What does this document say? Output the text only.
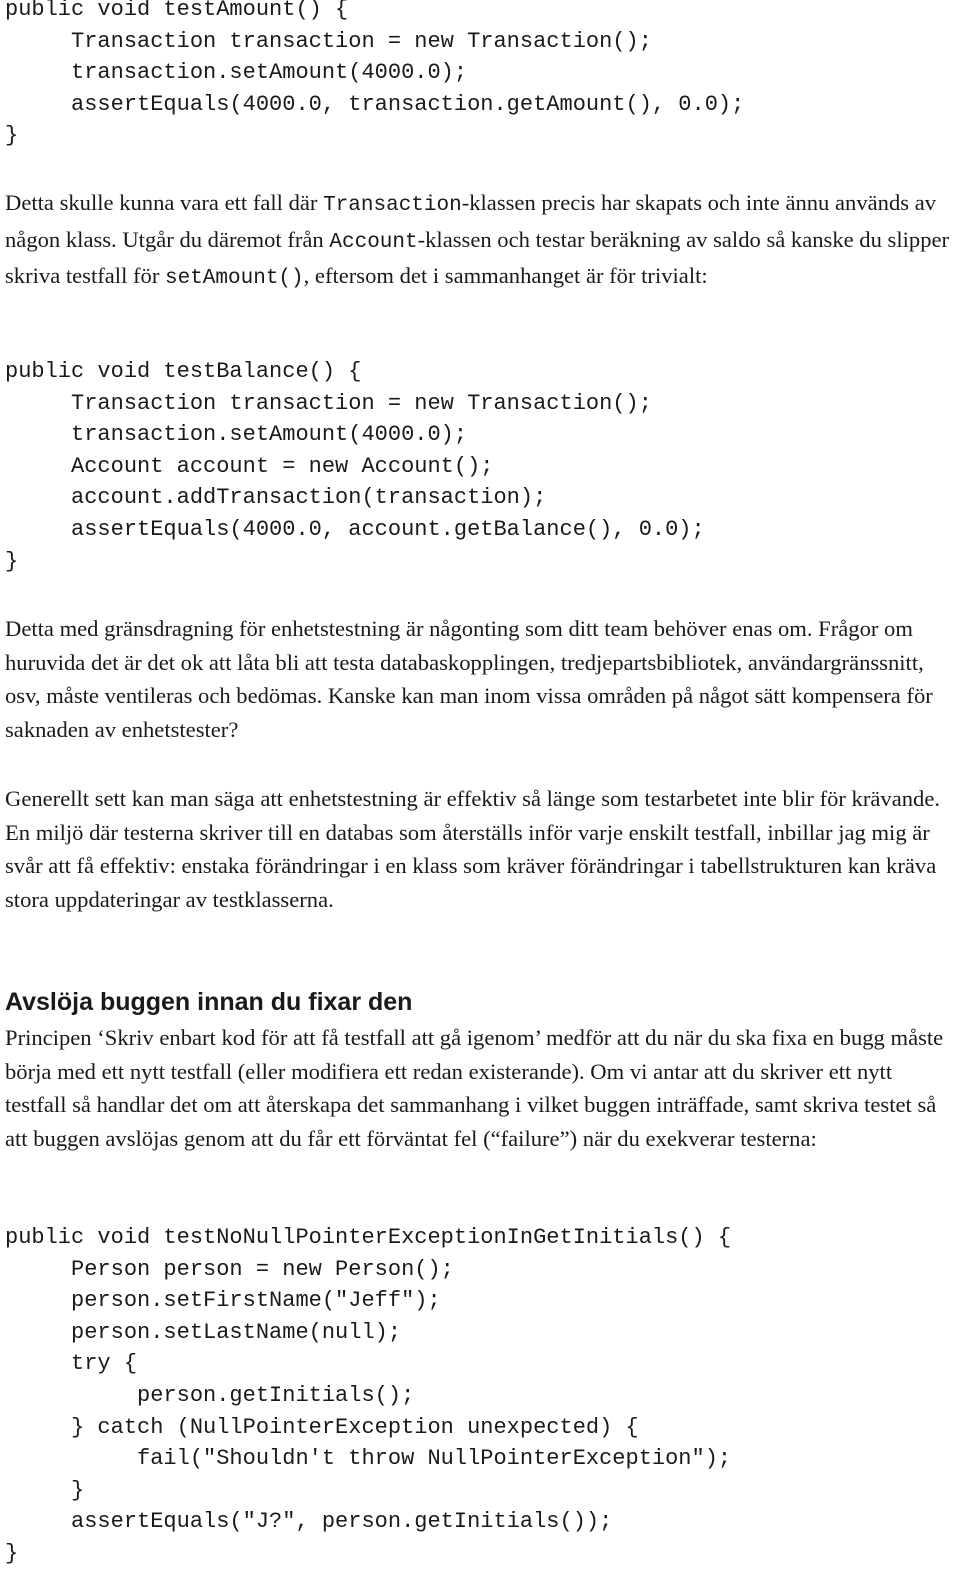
public void testAmount() {
Transaction transaction = new Transaction();
transaction.setAmount(4000.0);
assertEquals(4000.0, transaction.getAmount(), 0.0);
}

Detta skulle kunna vara ett fall där Transaction-klassen precis har skapats och inte ännu används av någon klass. Utgår du däremot från Account-klassen och testar beräkning av saldo så kanske du slipper skriva testfall för setAmount(), eftersom det i sammanhanget är för trivialt:

public void testBalance() {
Transaction transaction = new Transaction();
transaction.setAmount(4000.0);
Account account = new Account();
account.addTransaction(transaction);
assertEquals(4000.0, account.getBalance(), 0.0);
}

Detta med gränsdragning för enhetstestning är någonting som ditt team behöver enas om. Frågor om huruvida det är det ok att låta bli att testa databaskopplingen, tredjepartsbibliotek, användargränssnitt, osv, måste ventileras och bedömas. Kanske kan man inom vissa områden på något sätt kompensera för saknaden av enhetstester?

Generellt sett kan man säga att enhetstestning är effektiv så länge som testarbetet inte blir för krävande. En miljö där testerna skriver till en databas som återställs inför varje enskilt testfall, inbillar jag mig är svår att få effektiv: enstaka förändringar i en klass som kräver förändringar i tabellstrukturen kan kräva stora uppdateringar av testklasserna.

Avslöja buggen innan du fixar den

Principen ‘Skriv enbart kod för att få testfall att gå igenom’ medför att du när du ska fixa en bugg måste börja med ett nytt testfall (eller modifiera ett redan existerande). Om vi antar att du skriver ett nytt testfall så handlar det om att återskapa det sammanhang i vilket buggen inträffade, samt skriva testet så att buggen avslöjas genom att du får ett förväntat fel (“failure”) när du exekverar testerna:

public void testNoNullPointerExceptionInGetInitials() {
Person person = new Person();
person.setFirstName("Jeff");
person.setLastName(null);
try {
person.getInitials();
} catch (NullPointerException unexpected) {
fail("Shouldn't throw NullPointerException");
}
assertEquals("J?", person.getInitials());
}
